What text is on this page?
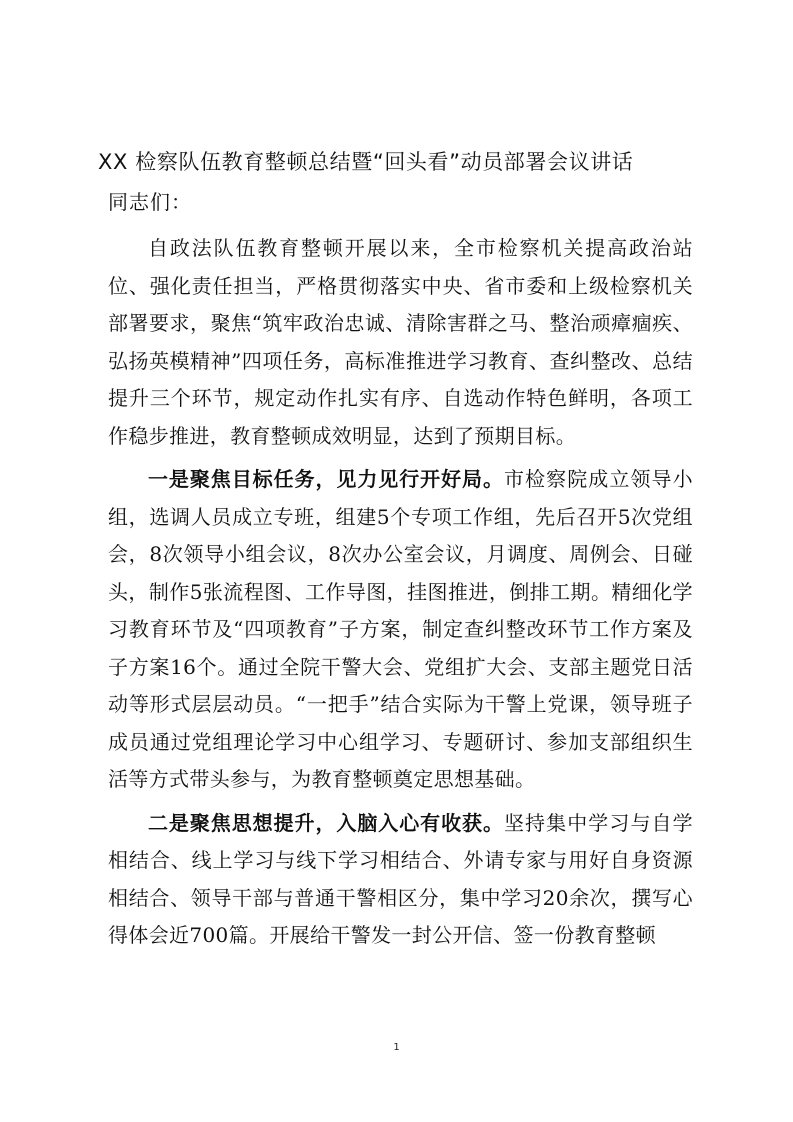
XX 检察队伍教育整顿总结暨“回头看”动员部署会议讲话

同志们：

自政法队伍教育整顿开展以来，全市检察机关提高政治站位、强化责任担当，严格贯彻落实中央、省市委和上级检察机关部署要求，聚焦“筑牢政治忠诚、清除害群之马、整治顽瘴痼疾、弘扬英模精神”四项任务，高标准推进学习教育、查纠整改、总结提升三个环节，规定动作扎实有序、自选动作特色鲜明，各项工作稳步推进，教育整顿成效明显，达到了预期目标。

一是聚焦目标任务，见力见行开好局。市检察院成立领导小组，选调人员成立专班，组建5个专项工作组，先后召开5次党组会，8次领导小组会议，8次办公室会议，月调度、周例会、日碰头，制作5张流程图、工作导图，挂图推进，倒排工期。精细化学习教育环节及“四项教育”子方案，制定查纠整改环节工作方案及子方案16个。通过全院干警大会、党组扩大会、支部主题党日活动等形式层层动员。“一把手”结合实际为干警上党课，领导班子成员通过党组理论学习中心组学习、专题研讨、参加支部组织生活等方式带头参与，为教育整顿奠定思想基础。

二是聚焦思想提升，入脑入心有收获。坚持集中学习与自学相结合、线上学习与线下学习相结合、外请专家与用好自身资源相结合、领导干部与普通干警相区分，集中学习20余次，撰写心得体会近700篇。开展给干警发一封公开信、签一份教育整顿

1
